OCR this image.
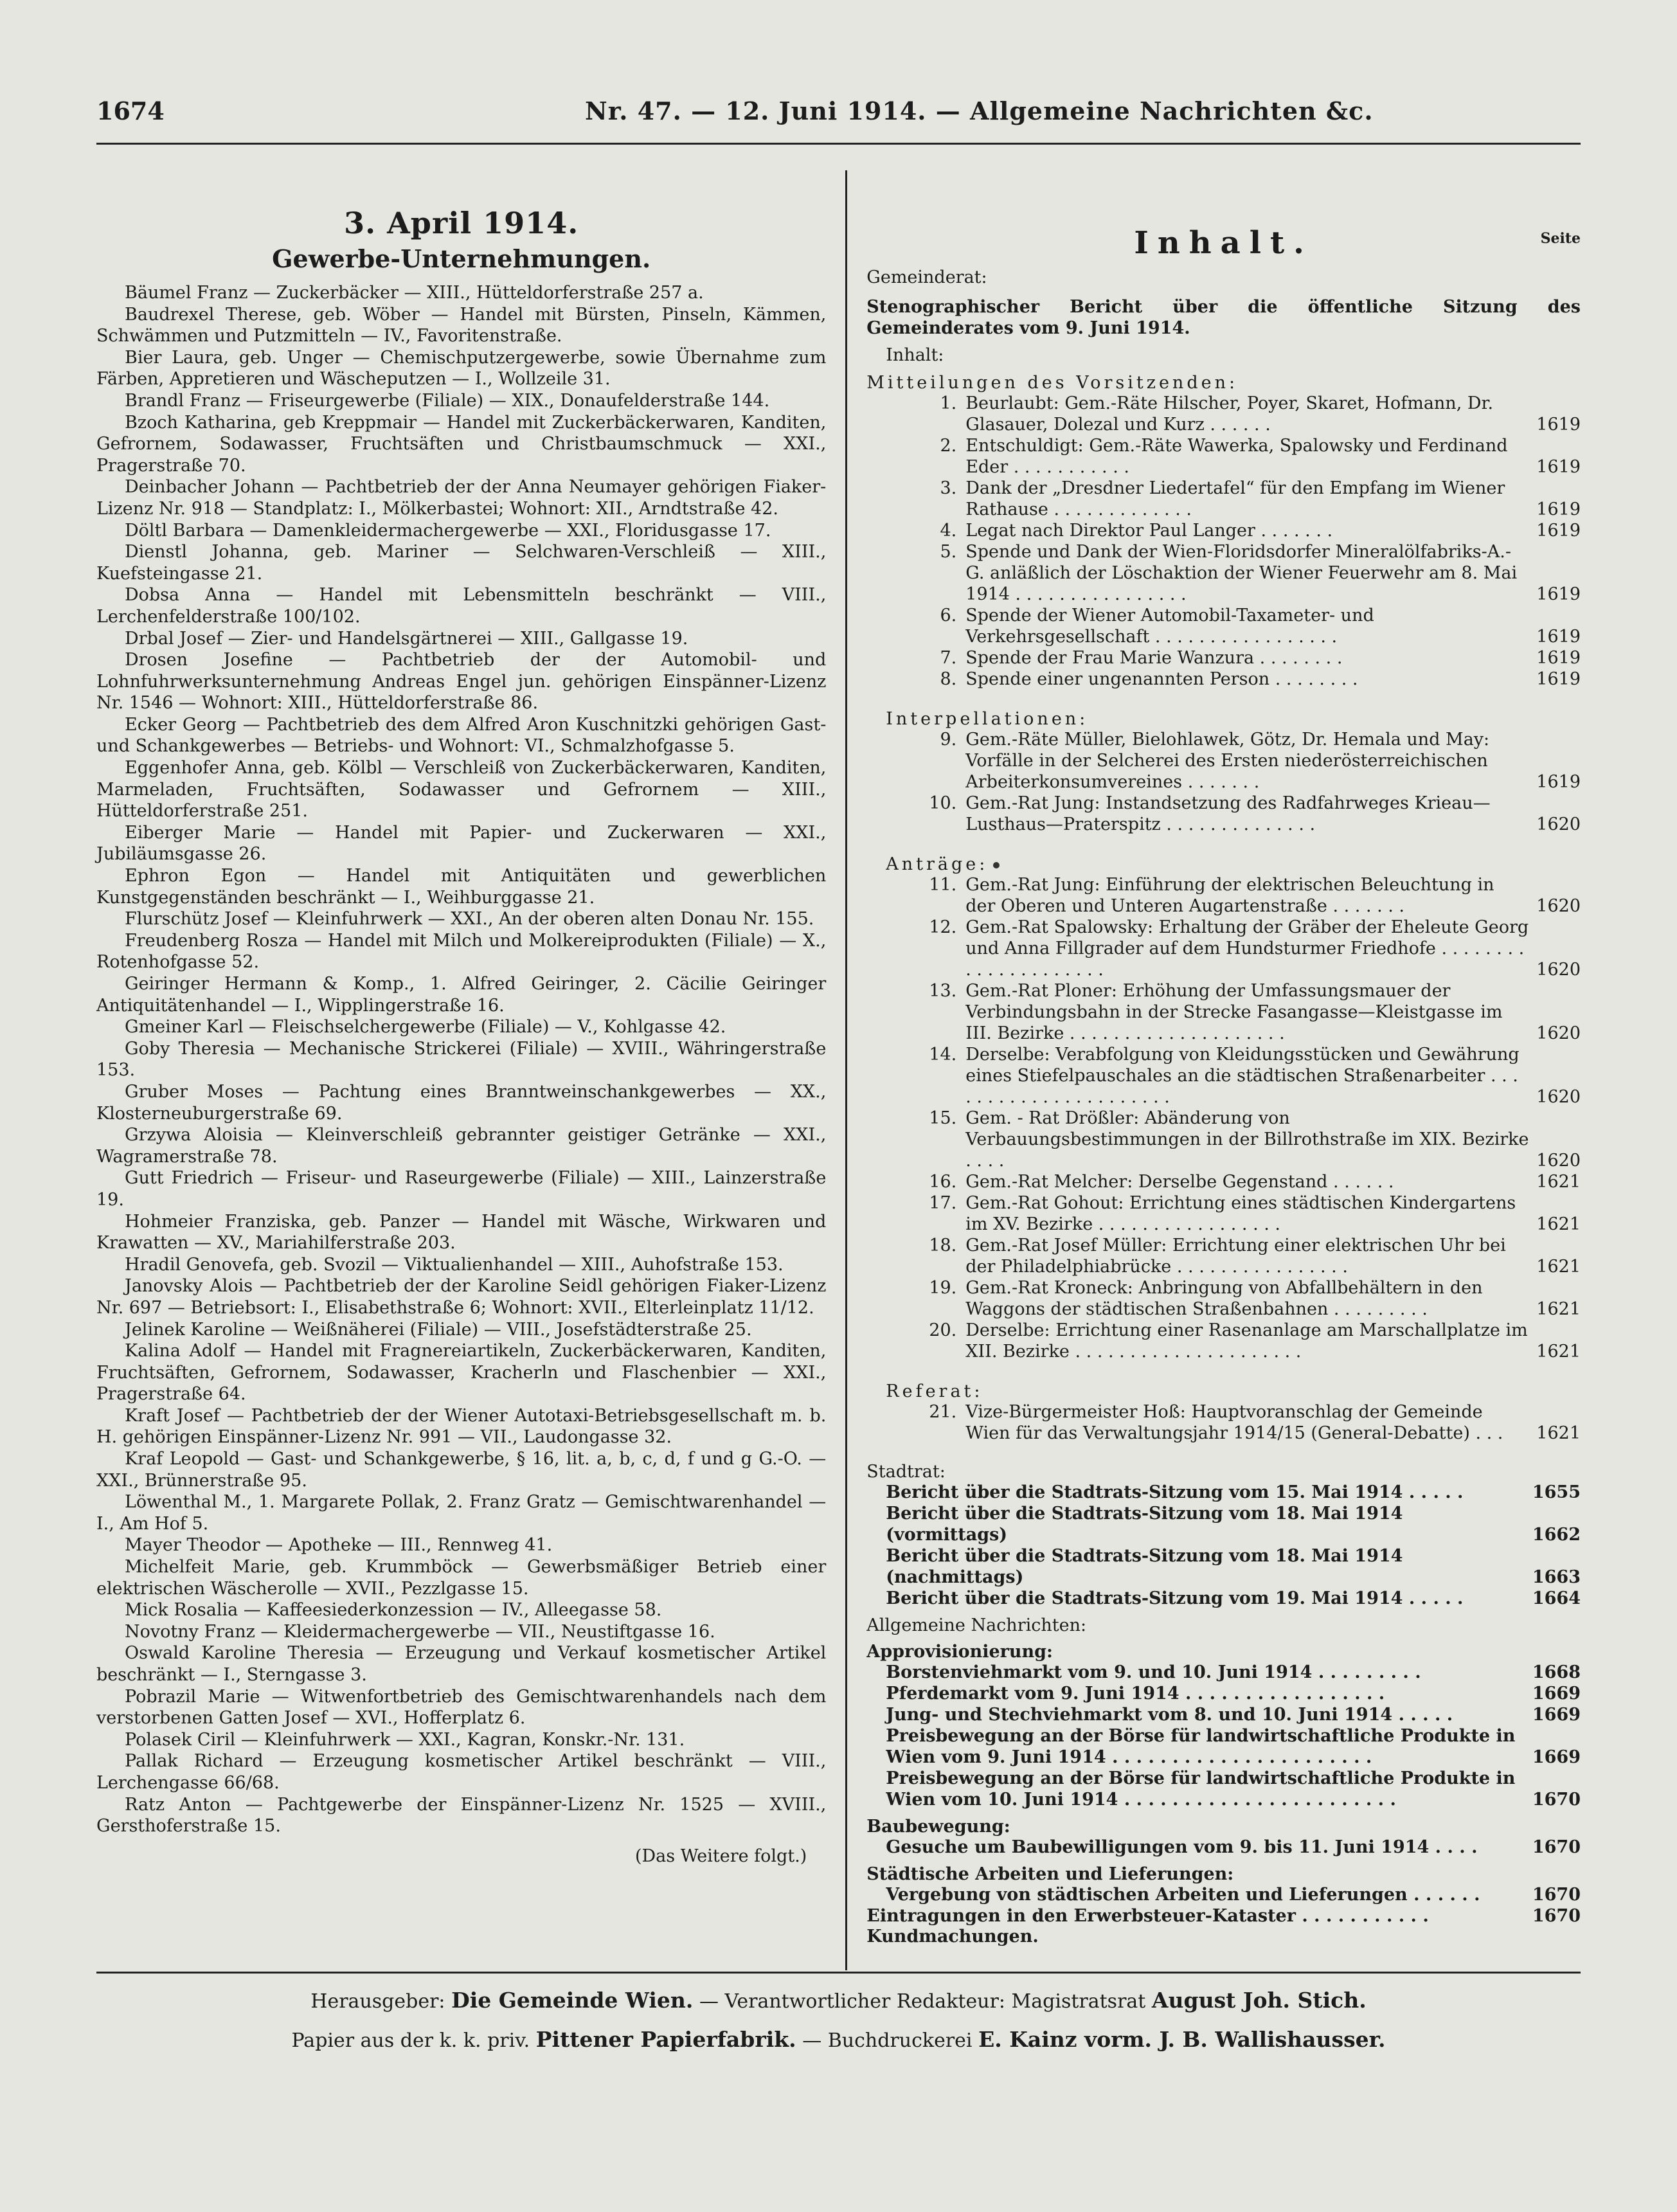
1674	Nr. 47. — 12. Juni 1914. — Allgemeine Nachrichten &c.
3. April 1914.
Gewerbe-Unternehmungen.

Bäumel Franz — Zuckerbäcker — XIII., Hütteldorferstraße 257 a.

Baudrexel Therese, geb. Wöber — Handel mit Bürsten, Pinseln, Kämmen, Schwämmen und Putzmitteln — IV., Favoritenstraße.

Bier Laura, geb. Unger — Chemischputzergewerbe, sowie Übernahme zum Färben, Appretieren und Wäscheputzen — I., Wollzeile 31.

Brandl Franz — Friseurgewerbe (Filiale) — XIX., Donaufelderstraße 144.

Bzoch Katharina, geb Kreppmair — Handel mit Zuckerbäckerwaren, Kanditen, Gefrornem, Sodawasser, Fruchtsäften und Christbaumschmuck — XXI., Pragerstraße 70.

Deinbacher Johann — Pachtbetrieb der der Anna Neumayer gehörigen Fiaker-Lizenz Nr. 918 — Standplatz: I., Mölkerbastei; Wohnort: XII., Arndtstraße 42.

Döltl Barbara — Damenkleidermachergewerbe — XXI., Floridusgasse 17.

Dienstl Johanna, geb. Mariner — Selchwaren-Verschleiß — XIII., Kuefsteingasse 21.

Dobsa Anna — Handel mit Lebensmitteln beschränkt — VIII., Lerchenfelderstraße 100/102.

Drbal Josef — Zier- und Handelsgärtnerei — XIII., Gallgasse 19.

Drosen Josefine — Pachtbetrieb der der Automobil- und Lohnfuhrwerksunternehmung Andreas Engel jun. gehörigen Einspänner-Lizenz Nr. 1546 — Wohnort: XIII., Hütteldorferstraße 86.

Ecker Georg — Pachtbetrieb des dem Alfred Aron Kuschnitzki gehörigen Gast- und Schankgewerbes — Betriebs- und Wohnort: VI., Schmalzhofgasse 5.

Eggenhofer Anna, geb. Kölbl — Verschleiß von Zuckerbäckerwaren, Kanditen, Marmeladen, Fruchtsäften, Sodawasser und Gefrornem — XIII., Hütteldorferstraße 251.

Eiberger Marie — Handel mit Papier- und Zuckerwaren — XXI., Jubiläumsgasse 26.

Ephron Egon — Handel mit Antiquitäten und gewerblichen Kunstgegenständen beschränkt — I., Weihburggasse 21.

Flurschütz Josef — Kleinfuhrwerk — XXI., An der oberen alten Donau Nr. 155.

Freudenberg Rosza — Handel mit Milch und Molkereiprodukten (Filiale) — X., Rotenhofgasse 52.

Geiringer Hermann & Komp., 1. Alfred Geiringer, 2. Cäcilie Geiringer Antiquitätenhandel — I., Wipplingerstraße 16.

Gmeiner Karl — Fleischselchergewerbe (Filiale) — V., Kohlgasse 42.

Goby Theresia — Mechanische Strickerei (Filiale) — XVIII., Währingerstraße 153.

Gruber Moses — Pachtung eines Branntweinschankgewerbes — XX., Klosterneuburgerstraße 69.

Grzywa Aloisia — Kleinverschleiß gebrannter geistiger Getränke — XXI., Wagramerstraße 78.

Gutt Friedrich — Friseur- und Raseurgewerbe (Filiale) — XIII., Lainzerstraße 19.

Hohmeier Franziska, geb. Panzer — Handel mit Wäsche, Wirkwaren und Krawatten — XV., Mariahilferstraße 203.

Hradil Genovefa, geb. Svozil — Viktualienhandel — XIII., Auhofstraße 153.

Janovsky Alois — Pachtbetrieb der der Karoline Seidl gehörigen Fiaker-Lizenz Nr. 697 — Betriebsort: I., Elisabethstraße 6; Wohnort: XVII., Elterleinplatz 11/12.

Jelinek Karoline — Weißnäherei (Filiale) — VIII., Josefstädterstraße 25.

Kalina Adolf — Handel mit Fragnereiartikeln, Zuckerbäckerwaren, Kanditen, Fruchtsäften, Gefrornem, Sodawasser, Kracherln und Flaschenbier — XXI., Pragerstraße 64.

Kraft Josef — Pachtbetrieb der der Wiener Autotaxi-Betriebsgesellschaft m. b. H. gehörigen Einspänner-Lizenz Nr. 991 — VII., Laudongasse 32.

Kraf Leopold — Gast- und Schankgewerbe, § 16, lit. a, b, c, d, f und g G.-O. — XXI., Brünnerstraße 95.

Löwenthal M., 1. Margarete Pollak, 2. Franz Gratz — Gemischtwarenhandel — I., Am Hof 5.

Mayer Theodor — Apotheke — III., Rennweg 41.

Michelfeit Marie, geb. Krummböck — Gewerbsmäßiger Betrieb einer elektrischen Wäscherolle — XVII., Pezzlgasse 15.

Mick Rosalia — Kaffeesiederkonzession — IV., Alleegasse 58.

Novotny Franz — Kleidermachergewerbe — VII., Neustiftgasse 16.

Oswald Karoline Theresia — Erzeugung und Verkauf kosmetischer Artikel beschränkt — I., Sterngasse 3.

Pobrazil Marie — Witwenfortbetrieb des Gemischtwarenhandels nach dem verstorbenen Gatten Josef — XVI., Hofferplatz 6.

Polasek Ciril — Kleinfuhrwerk — XXI., Kagran, Konskr.-Nr. 131.

Pallak Richard — Erzeugung kosmetischer Artikel beschränkt — VIII., Lerchengasse 66/68.

Ratz Anton — Pachtgewerbe der Einspänner-Lizenz Nr. 1525 — XVIII., Gersthoferstraße 15.

(Das Weitere folgt.)
Inhalt.	Seite
Gemeinderat:
Stenographischer Bericht über die öffentliche Sitzung des Gemeinderates vom 9. Juni 1914.
Inhalt:
Mitteilungen des Vorsitzenden:
1. Beurlaubt: Gem.-Räte Hilscher, Poyer, Skaret, Hofmann, Dr. Glasauer, Dolezal und Kurz . . . . . .	1619
2. Entschuldigt: Gem.-Räte Wawerka, Spalowsky und Ferdinand Eder . . . . . . . . . . .	1619
3. Dank der „Dresdner Liedertafel“ für den Empfang im Wiener Rathause . . . . . . . . . . . . .	1619
4. Legat nach Direktor Paul Langer . . . . . . .	1619
5. Spende und Dank der Wien-Floridsdorfer Mineralölfabriks-A.-G. anläßlich der Löschaktion der Wiener Feuerwehr am 8. Mai 1914 . . . . . . . . . . . . . . . .	1619
6. Spende der Wiener Automobil-Taxameter- und Verkehrsgesellschaft . . . . . . . . . . . . . . . . .	1619
7. Spende der Frau Marie Wanzura . . . . . . . .	1619
8. Spende einer ungenannten Person . . . . . . . .	1619
Interpellationen:
9. Gem.-Räte Müller, Bielohlawek, Götz, Dr. Hemala und May: Vorfälle in der Selcherei des Ersten niederösterreichischen Arbeiterkonsumvereines . . . . . . .	1619
10. Gem.-Rat Jung: Instandsetzung des Radfahrweges Krieau—Lusthaus—Praterspitz . . . . . . . . . . . . . .	1620
Anträge:
11. Gem.-Rat Jung: Einführung der elektrischen Beleuchtung in der Oberen und Unteren Augartenstraße . . . . . . .	1620
12. Gem.-Rat Spalowsky: Erhaltung der Gräber der Eheleute Georg und Anna Fillgrader auf dem Hundsturmer Friedhofe . . . . . . . . . . . . . . . . . . . . .	1620
13. Gem.-Rat Ploner: Erhöhung der Umfassungsmauer der Verbindungsbahn in der Strecke Fasangasse—Kleistgasse im III. Bezirke . . . . . . . . . . . . . . . . . . . .	1620
14. Derselbe: Verabfolgung von Kleidungsstücken und Gewährung eines Stiefelpauschales an die städtischen Straßenarbeiter . . . . . . . . . . . . . . . . . . . . . .	1620
15. Gem. - Rat Drößler: Abänderung von Verbauungsbestimmungen in der Billrothstraße im XIX. Bezirke . . . .	1620
16. Gem.-Rat Melcher: Derselbe Gegenstand . . . . . .	1621
17. Gem.-Rat Gohout: Errichtung eines städtischen Kindergartens im XV. Bezirke . . . . . . . . . . . . . . . . .	1621
18. Gem.-Rat Josef Müller: Errichtung einer elektrischen Uhr bei der Philadelphiabrücke . . . . . . . . . . . . . . . .	1621
19. Gem.-Rat Kroneck: Anbringung von Abfallbehältern in den Waggons der städtischen Straßenbahnen . . . . . . . . .	1621
20. Derselbe: Errichtung einer Rasenanlage am Marschallplatze im XII. Bezirke . . . . . . . . . . . . . . . . . . . . .	1621
Referat:
21. Vize-Bürgermeister Hoß: Hauptvoranschlag der Gemeinde Wien für das Verwaltungsjahr 1914/15 (General-Debatte) . . .	1621
Stadtrat:
Bericht über die Stadtrats-Sitzung vom 15. Mai 1914 . . . . .	1655
Bericht über die Stadtrats-Sitzung vom 18. Mai 1914 (vormittags)	1662
Bericht über die Stadtrats-Sitzung vom 18. Mai 1914 (nachmittags)	1663
Bericht über die Stadtrats-Sitzung vom 19. Mai 1914 . . . . .	1664
Allgemeine Nachrichten:
Approvisionierung:
Borstenviehmarkt vom 9. und 10. Juni 1914 . . . . . . . . .	1668
Pferdemarkt vom 9. Juni 1914 . . . . . . . . . . . . . . . . .	1669
Jung- und Stechviehmarkt vom 8. und 10. Juni 1914 . . . . .	1669
Preisbewegung an der Börse für landwirtschaftliche Produkte in Wien vom 9. Juni 1914 . . . . . . . . . . . . . . . . . . . . . .	1669
Preisbewegung an der Börse für landwirtschaftliche Produkte in Wien vom 10. Juni 1914 . . . . . . . . . . . . . . . . . . . . . . .	1670
Baubewegung:
Gesuche um Baubewilligungen vom 9. bis 11. Juni 1914 . . . .	1670
Städtische Arbeiten und Lieferungen:
Vergebung von städtischen Arbeiten und Lieferungen . . . . . .	1670
Eintragungen in den Erwerbsteuer-Kataster . . . . . . . . . . .	1670
Kundmachungen.
Herausgeber: Die Gemeinde Wien. — Verantwortlicher Redakteur: Magistratsrat August Joh. Stich.
Papier aus der k. k. priv. Pittener Papierfabrik. — Buchdruckerei E. Kainz vorm. J. B. Wallishausser.
